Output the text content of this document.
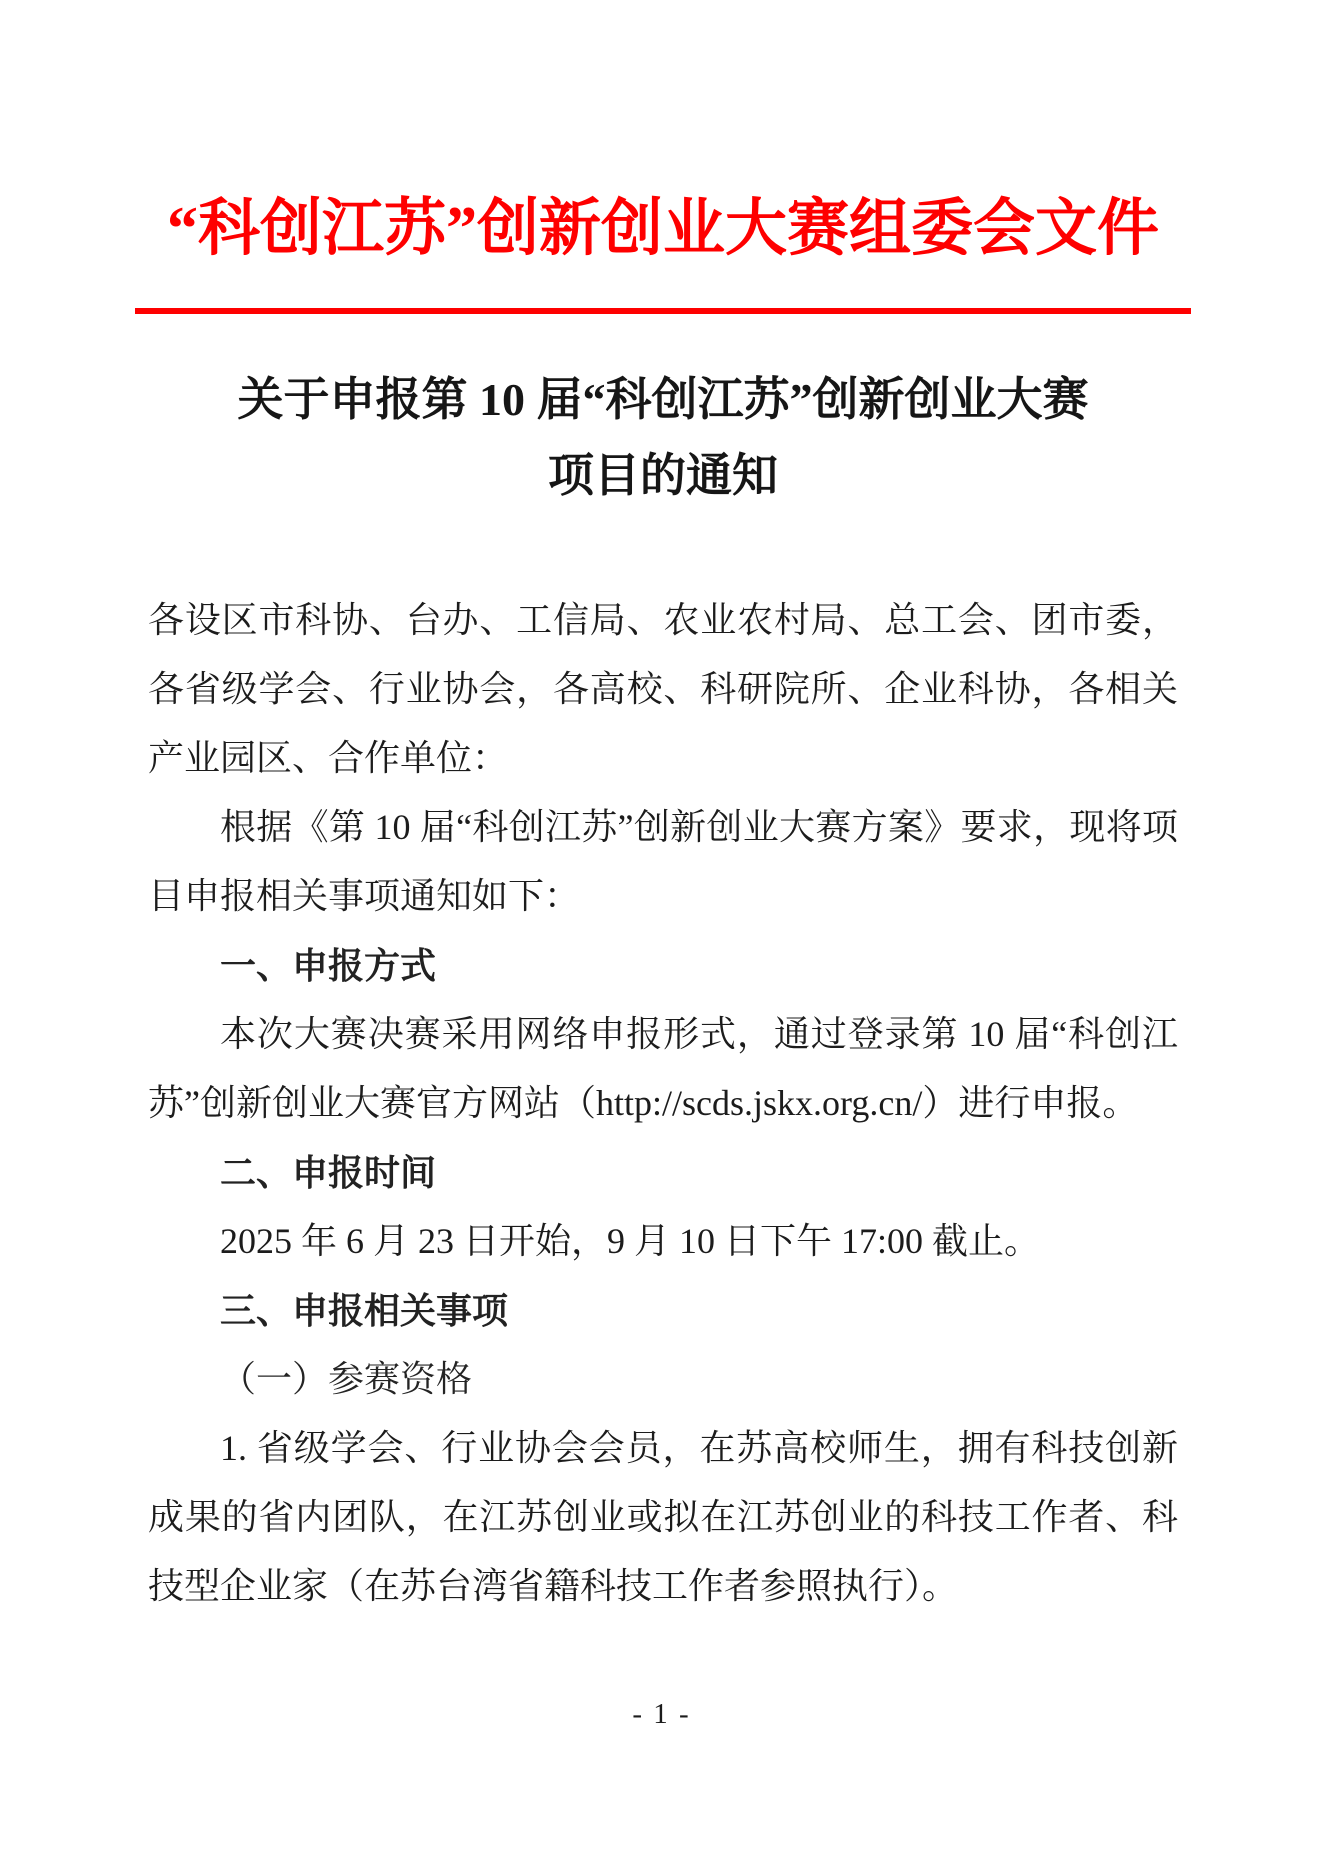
“科创江苏”创新创业大赛组委会文件
关于申报第 10 届“科创江苏”创新创业大赛
项目的通知

各设区市科协、台办、工信局、农业农村局、总工会、团市委，各省级学会、行业协会，各高校、科研院所、企业科协，各相关产业园区、合作单位：

根据《第 10 届“科创江苏”创新创业大赛方案》要求，现将项目申报相关事项通知如下：

一、申报方式

本次大赛决赛采用网络申报形式，通过登录第 10 届“科创江苏”创新创业大赛官方网站（http://scds.jskx.org.cn/）进行申报。

二、申报时间

2025 年 6 月 23 日开始，9 月 10 日下午 17:00 截止。

三、申报相关事项

（一）参赛资格

1. 省级学会、行业协会会员，在苏高校师生，拥有科技创新成果的省内团队，在江苏创业或拟在江苏创业的科技工作者、科技型企业家（在苏台湾省籍科技工作者参照执行）。

- 1 -
